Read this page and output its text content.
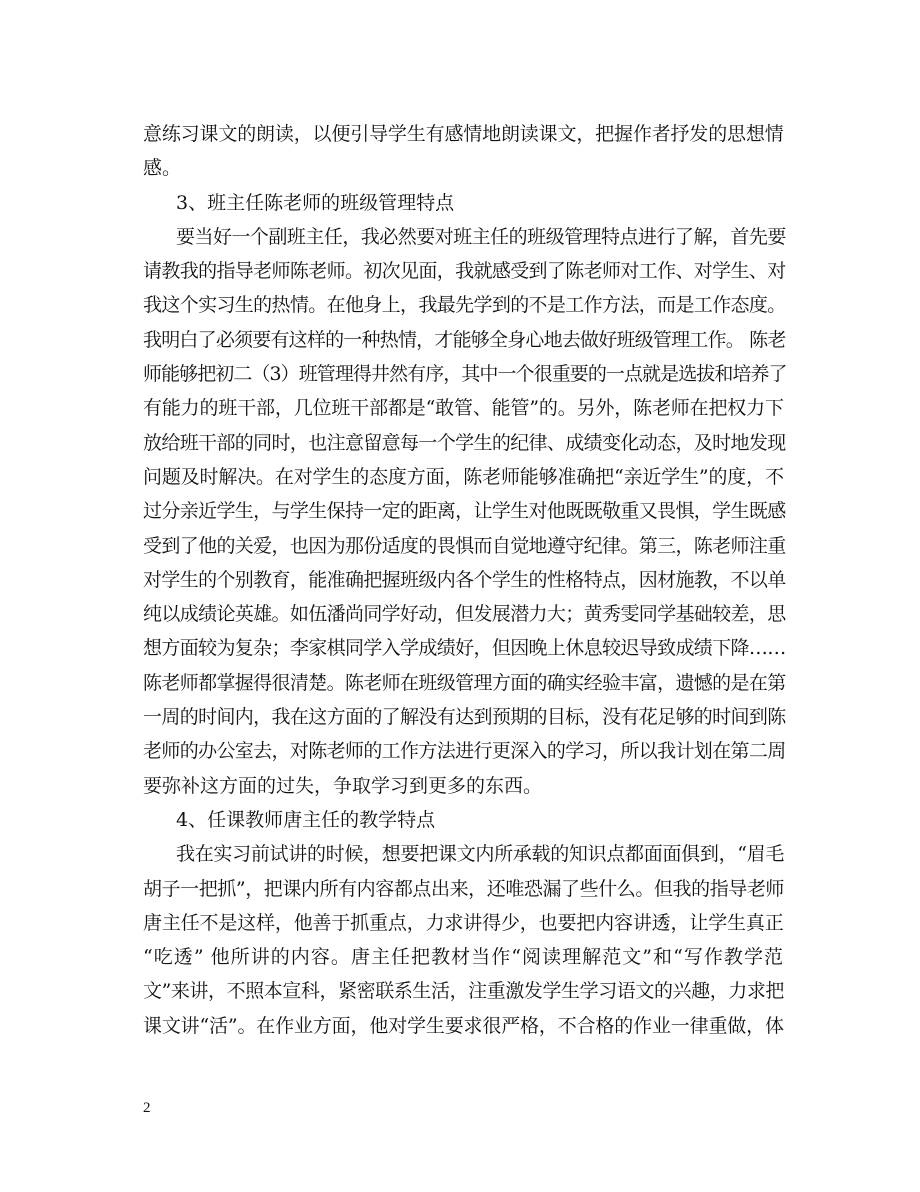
意练习课文的朗读，以便引导学生有感情地朗读课文，把握作者抒发的思想情
感。
3、班主任陈老师的班级管理特点
要当好一个副班主任，我必然要对班主任的班级管理特点进行了解，首先要
请教我的指导老师陈老师。初次见面，我就感受到了陈老师对工作、对学生、对
我这个实习生的热情。在他身上，我最先学到的不是工作方法，而是工作态度。
我明白了必须要有这样的一种热情，才能够全身心地去做好班级管理工作。 陈老
师能够把初二（3）班管理得井然有序，其中一个很重要的一点就是选拔和培养了
有能力的班干部，几位班干部都是“敢管、能管”的。另外，陈老师在把权力下
放给班干部的同时，也注意留意每一个学生的纪律、成绩变化动态，及时地发现
问题及时解决。在对学生的态度方面，陈老师能够准确把“亲近学生”的度，不
过分亲近学生，与学生保持一定的距离，让学生对他既既敬重又畏惧，学生既感
受到了他的关爱，也因为那份适度的畏惧而自觉地遵守纪律。第三，陈老师注重
对学生的个别教育，能准确把握班级内各个学生的性格特点，因材施教，不以单
纯以成绩论英雄。如伍潘尚同学好动，但发展潜力大；黄秀雯同学基础较差，思
想方面较为复杂；李家棋同学入学成绩好，但因晚上休息较迟导致成绩下降……
陈老师都掌握得很清楚。陈老师在班级管理方面的确实经验丰富，遗憾的是在第
一周的时间内，我在这方面的了解没有达到预期的目标，没有花足够的时间到陈
老师的办公室去，对陈老师的工作方法进行更深入的学习，所以我计划在第二周
要弥补这方面的过失，争取学习到更多的东西。
4、任课教师唐主任的教学特点
我在实习前试讲的时候，想要把课文内所承载的知识点都面面俱到，“眉毛
胡子一把抓”，把课内所有内容都点出来，还唯恐漏了些什么。但我的指导老师
唐主任不是这样，他善于抓重点，力求讲得少，也要把内容讲透，让学生真正
“吃透” 他所讲的内容。唐主任把教材当作“阅读理解范文”和“写作教学范
文”来讲，不照本宣科，紧密联系生活，注重激发学生学习语文的兴趣，力求把
课文讲“活”。在作业方面，他对学生要求很严格，不合格的作业一律重做，体
2
